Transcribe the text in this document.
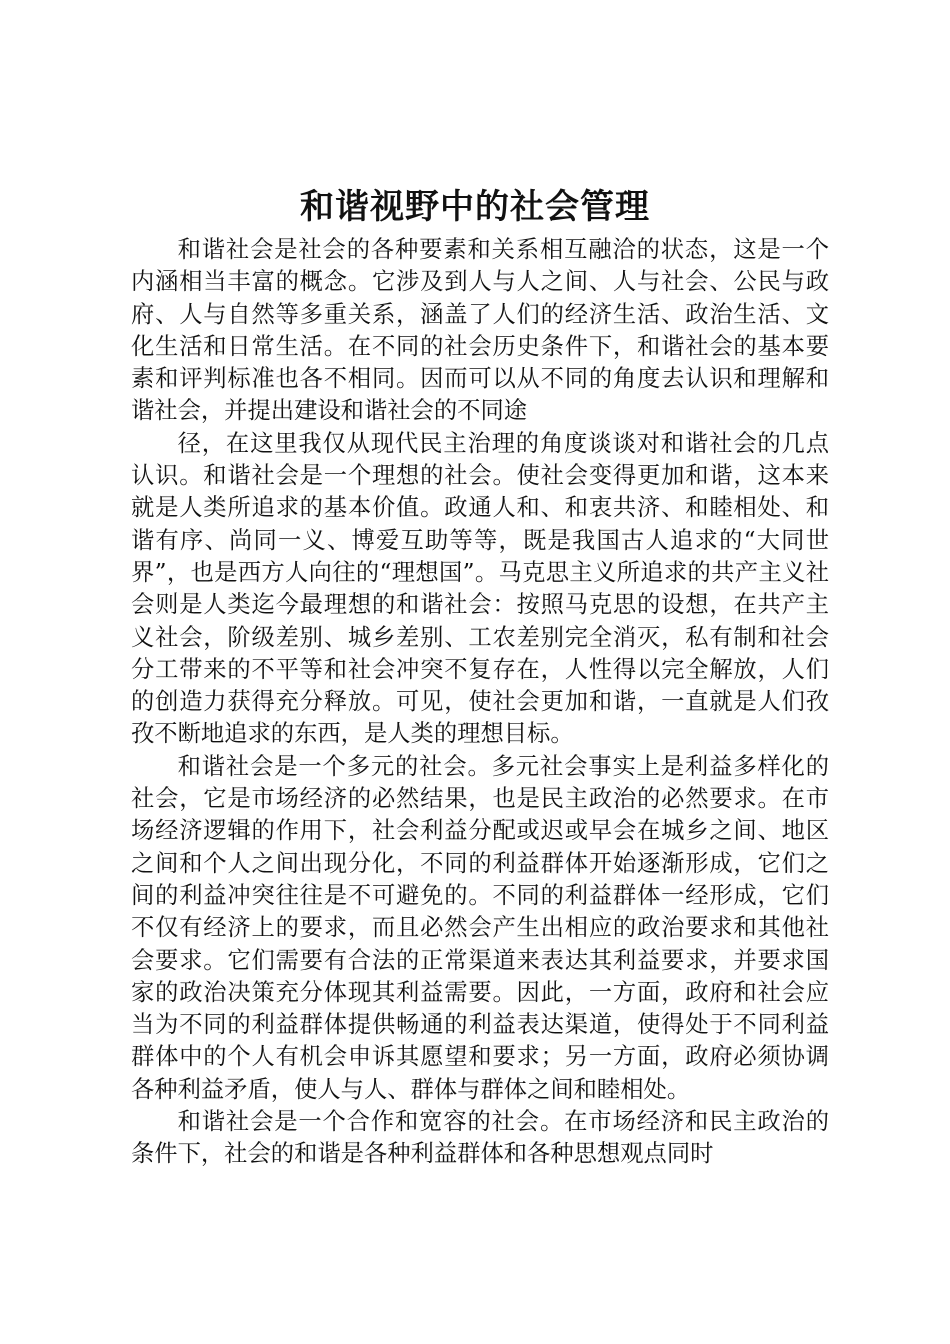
和谐视野中的社会管理

和谐社会是社会的各种要素和关系相互融洽的状态，这是一个内涵相当丰富的概念。它涉及到人与人之间、人与社会、公民与政府、人与自然等多重关系，涵盖了人们的经济生活、政治生活、文化生活和日常生活。在不同的社会历史条件下，和谐社会的基本要素和评判标准也各不相同。因而可以从不同的角度去认识和理解和谐社会，并提出建设和谐社会的不同途

径，在这里我仅从现代民主治理的角度谈谈对和谐社会的几点认识。和谐社会是一个理想的社会。使社会变得更加和谐，这本来就是人类所追求的基本价值。政通人和、和衷共济、和睦相处、和谐有序、尚同一义、博爱互助等等，既是我国古人追求的“大同世界”，也是西方人向往的“理想国”。马克思主义所追求的共产主义社会则是人类迄今最理想的和谐社会：按照马克思的设想，在共产主义社会，阶级差别、城乡差别、工农差别完全消灭，私有制和社会分工带来的不平等和社会冲突不复存在，人性得以完全解放，人们的创造力获得充分释放。可见，使社会更加和谐，一直就是人们孜孜不断地追求的东西，是人类的理想目标。

和谐社会是一个多元的社会。多元社会事实上是利益多样化的社会，它是市场经济的必然结果，也是民主政治的必然要求。在市场经济逻辑的作用下，社会利益分配或迟或早会在城乡之间、地区之间和个人之间出现分化，不同的利益群体开始逐渐形成，它们之间的利益冲突往往是不可避免的。不同的利益群体一经形成，它们不仅有经济上的要求，而且必然会产生出相应的政治要求和其他社会要求。它们需要有合法的正常渠道来表达其利益要求，并要求国家的政治决策充分体现其利益需要。因此，一方面，政府和社会应当为不同的利益群体提供畅通的利益表达渠道，使得处于不同利益群体中的个人有机会申诉其愿望和要求；另一方面，政府必须协调各种利益矛盾，使人与人、群体与群体之间和睦相处。

和谐社会是一个合作和宽容的社会。在市场经济和民主政治的条件下，社会的和谐是各种利益群体和各种思想观点同时
